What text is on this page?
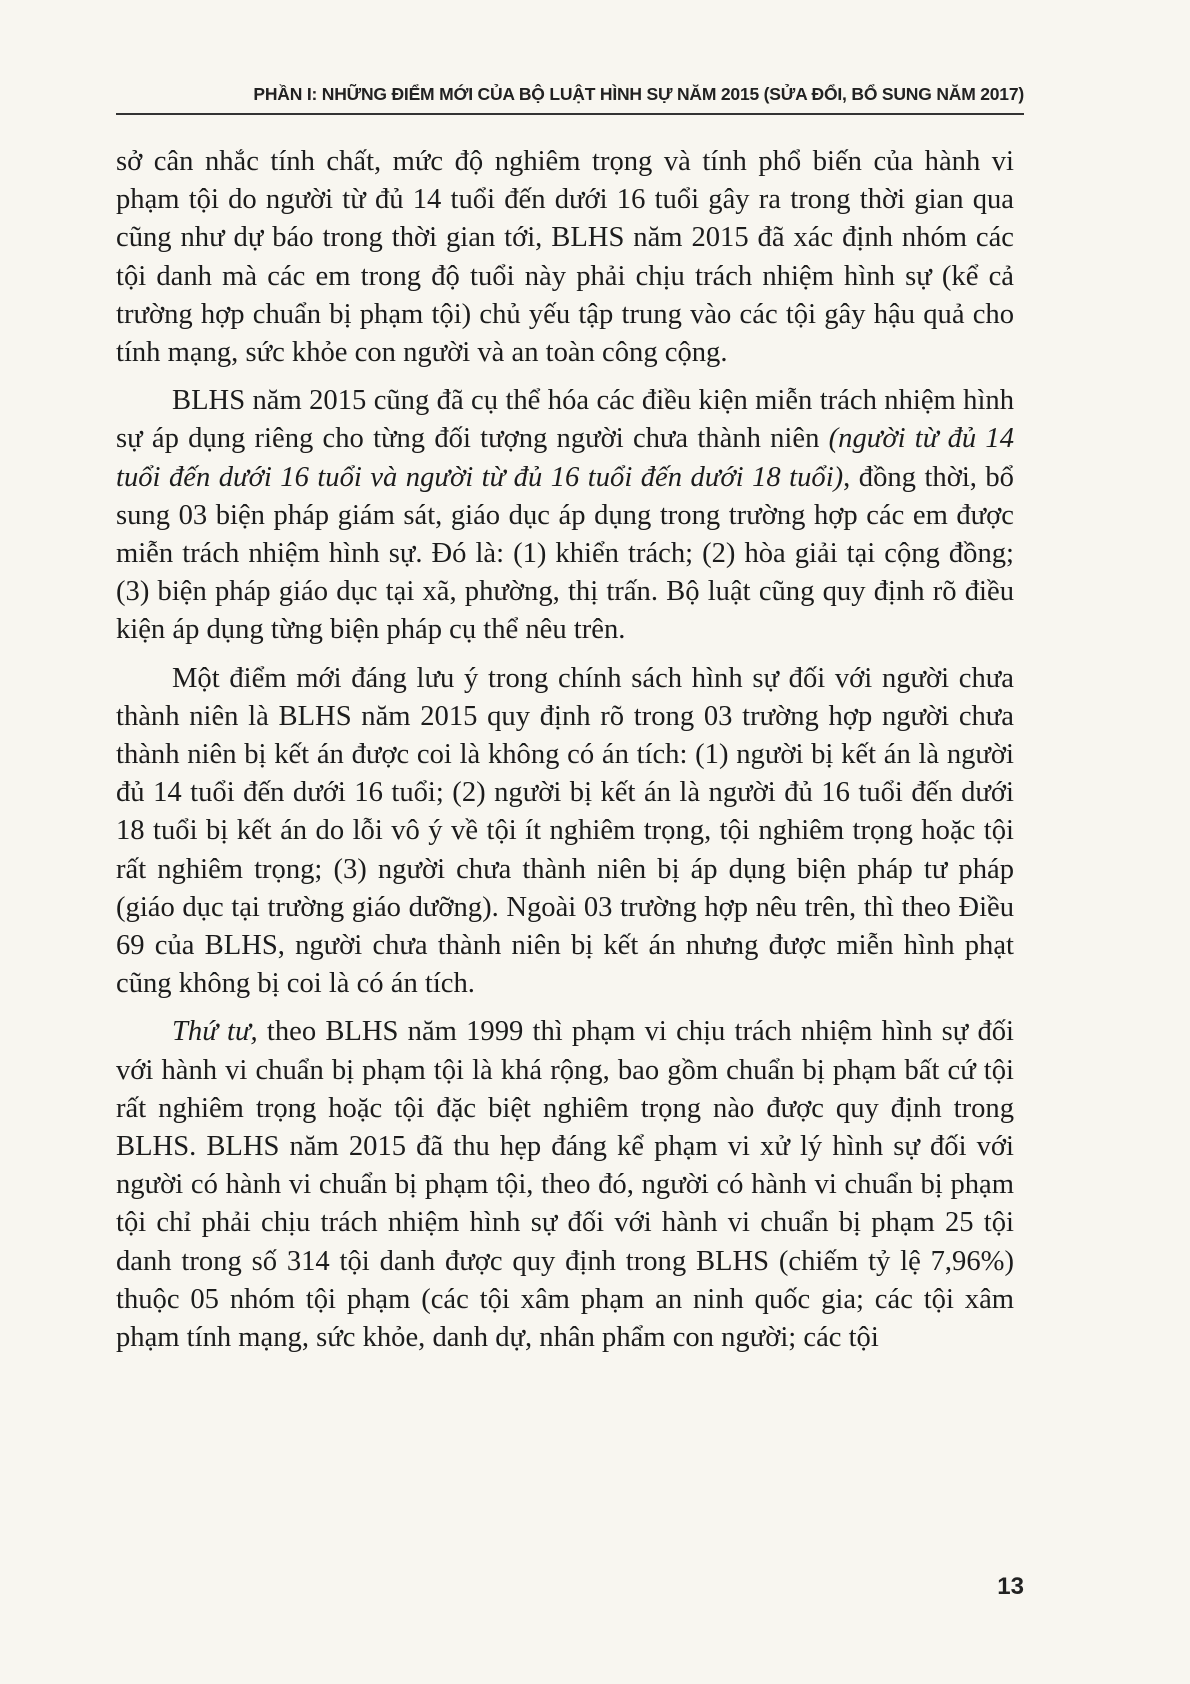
PHẦN I: NHỮNG ĐIỂM MỚI CỦA BỘ LUẬT HÌNH SỰ NĂM 2015 (SỬA ĐỔI, BỔ SUNG NĂM 2017)

sở cân nhắc tính chất, mức độ nghiêm trọng và tính phổ biến của hành vi phạm tội do người từ đủ 14 tuổi đến dưới 16 tuổi gây ra trong thời gian qua cũng như dự báo trong thời gian tới, BLHS năm 2015 đã xác định nhóm các tội danh mà các em trong độ tuổi này phải chịu trách nhiệm hình sự (kể cả trường hợp chuẩn bị phạm tội) chủ yếu tập trung vào các tội gây hậu quả cho tính mạng, sức khỏe con người và an toàn công cộng.

BLHS năm 2015 cũng đã cụ thể hóa các điều kiện miễn trách nhiệm hình sự áp dụng riêng cho từng đối tượng người chưa thành niên (người từ đủ 14 tuổi đến dưới 16 tuổi và người từ đủ 16 tuổi đến dưới 18 tuổi), đồng thời, bổ sung 03 biện pháp giám sát, giáo dục áp dụng trong trường hợp các em được miễn trách nhiệm hình sự. Đó là: (1) khiển trách; (2) hòa giải tại cộng đồng; (3) biện pháp giáo dục tại xã, phường, thị trấn. Bộ luật cũng quy định rõ điều kiện áp dụng từng biện pháp cụ thể nêu trên.

Một điểm mới đáng lưu ý trong chính sách hình sự đối với người chưa thành niên là BLHS năm 2015 quy định rõ trong 03 trường hợp người chưa thành niên bị kết án được coi là không có án tích: (1) người bị kết án là người đủ 14 tuổi đến dưới 16 tuổi; (2) người bị kết án là người đủ 16 tuổi đến dưới 18 tuổi bị kết án do lỗi vô ý về tội ít nghiêm trọng, tội nghiêm trọng hoặc tội rất nghiêm trọng; (3) người chưa thành niên bị áp dụng biện pháp tư pháp (giáo dục tại trường giáo dưỡng). Ngoài 03 trường hợp nêu trên, thì theo Điều 69 của BLHS, người chưa thành niên bị kết án nhưng được miễn hình phạt cũng không bị coi là có án tích.

Thứ tư, theo BLHS năm 1999 thì phạm vi chịu trách nhiệm hình sự đối với hành vi chuẩn bị phạm tội là khá rộng, bao gồm chuẩn bị phạm bất cứ tội rất nghiêm trọng hoặc tội đặc biệt nghiêm trọng nào được quy định trong BLHS. BLHS năm 2015 đã thu hẹp đáng kể phạm vi xử lý hình sự đối với người có hành vi chuẩn bị phạm tội, theo đó, người có hành vi chuẩn bị phạm tội chỉ phải chịu trách nhiệm hình sự đối với hành vi chuẩn bị phạm 25 tội danh trong số 314 tội danh được quy định trong BLHS (chiếm tỷ lệ 7,96%) thuộc 05 nhóm tội phạm (các tội xâm phạm an ninh quốc gia; các tội xâm phạm tính mạng, sức khỏe, danh dự, nhân phẩm con người; các tội

13
